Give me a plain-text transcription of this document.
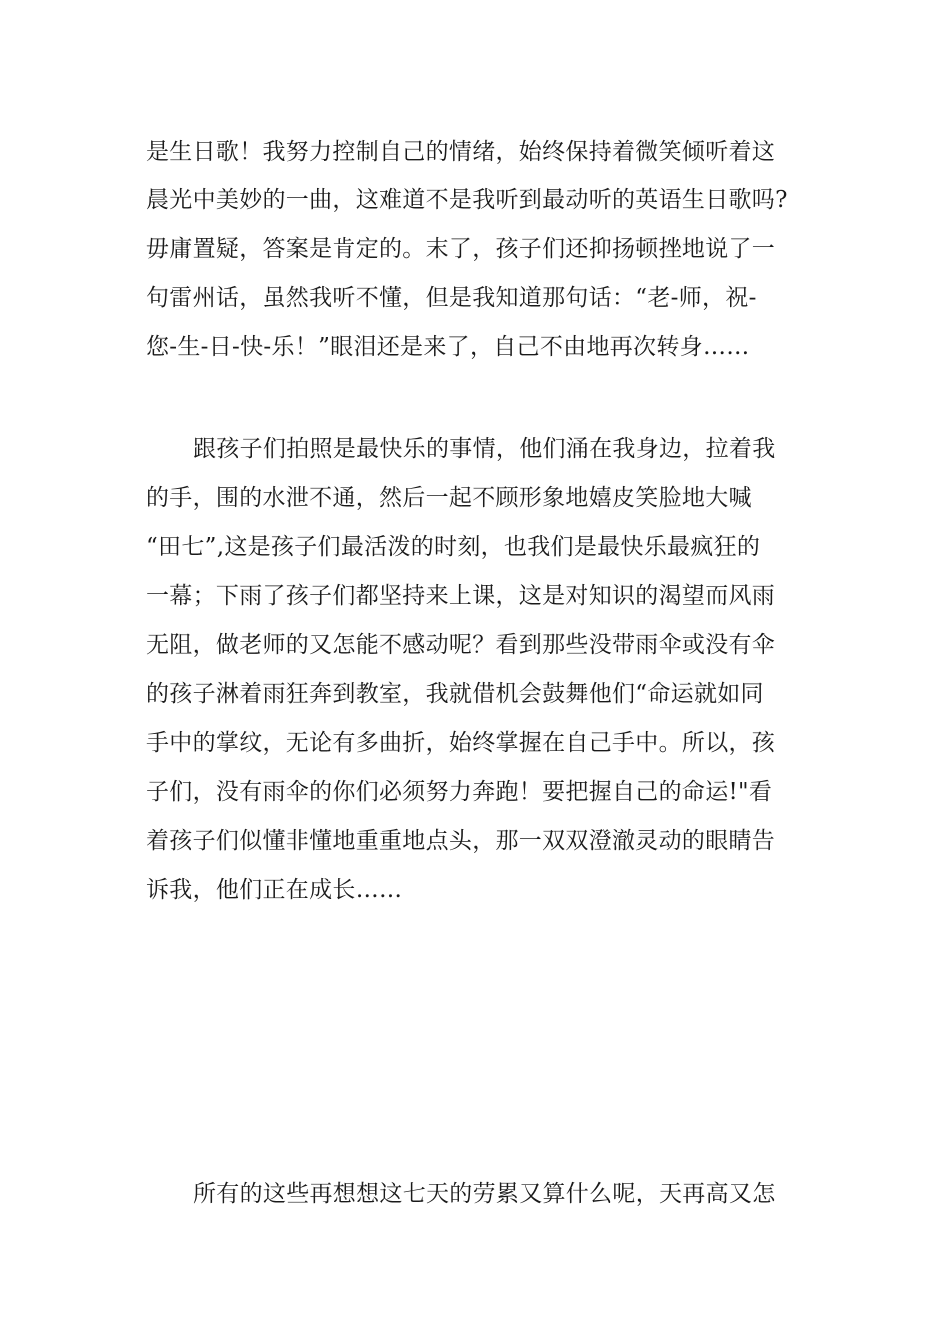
是生日歌！我努力控制自己的情绪，始终保持着微笑倾听着这
晨光中美妙的一曲，这难道不是我听到最动听的英语生日歌吗?
毋庸置疑，答案是肯定的。末了，孩子们还抑扬顿挫地说了一
句雷州话，虽然我听不懂，但是我知道那句话：“老-师，祝-
您-生-日-快-乐！”眼泪还是来了，自己不由地再次转身……
跟孩子们拍照是最快乐的事情，他们涌在我身边，拉着我
的手，围的水泄不通，然后一起不顾形象地嬉皮笑脸地大喊
“田七”,这是孩子们最活泼的时刻，也我们是最快乐最疯狂的
一幕；下雨了孩子们都坚持来上课，这是对知识的渴望而风雨
无阻，做老师的又怎能不感动呢？看到那些没带雨伞或没有伞
的孩子淋着雨狂奔到教室，我就借机会鼓舞他们“命运就如同
手中的掌纹，无论有多曲折，始终掌握在自己手中。所以，孩
子们，没有雨伞的你们必须努力奔跑！要把握自己的命运!"看
着孩子们似懂非懂地重重地点头，那一双双澄澈灵动的眼睛告
诉我，他们正在成长……
所有的这些再想想这七天的劳累又算什么呢，天再高又怎
